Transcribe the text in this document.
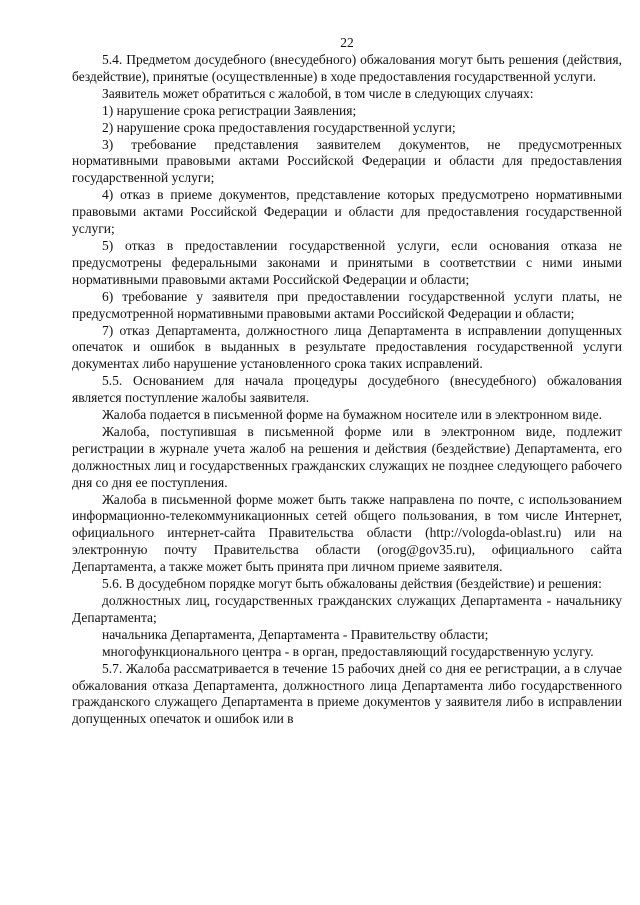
22

5.4. Предметом досудебного (внесудебного) обжалования могут быть решения (действия, бездействие), принятые (осуществленные) в ходе предоставления государственной услуги.

Заявитель может обратиться с жалобой, в том числе в следующих случаях:

1) нарушение срока регистрации Заявления;

2) нарушение срока предоставления государственной услуги;

3) требование представления заявителем документов, не предусмотренных нормативными правовыми актами Российской Федерации и области для предоставления государственной услуги;

4) отказ в приеме документов, представление которых предусмотрено нормативными правовыми актами Российской Федерации и области для предоставления государственной услуги;

5) отказ в предоставлении государственной услуги, если основания отказа не предусмотрены федеральными законами и принятыми в соответствии с ними иными нормативными правовыми актами Российской Федерации и области;

6) требование у заявителя при предоставлении государственной услуги платы, не предусмотренной нормативными правовыми актами Российской Федерации и области;

7) отказ Департамента, должностного лица Департамента в исправлении допущенных опечаток и ошибок в выданных в результате предоставления государственной услуги документах либо нарушение установленного срока таких исправлений.

5.5. Основанием для начала процедуры досудебного (внесудебного) обжалования является поступление жалобы заявителя.

Жалоба подается в письменной форме на бумажном носителе или в электронном виде.

Жалоба, поступившая в письменной форме или в электронном виде, подлежит регистрации в журнале учета жалоб на решения и действия (бездействие) Департамента, его должностных лиц и государственных гражданских служащих не позднее следующего рабочего дня со дня ее поступления.

Жалоба в письменной форме может быть также направлена по почте, с использованием информационно-телекоммуникационных сетей общего пользования, в том числе Интернет, официального интернет-сайта Правительства области (http://vologda-oblast.ru) или на электронную почту Правительства области (orog@gov35.ru), официального сайта Департамента, а также может быть принята при личном приеме заявителя.

5.6. В досудебном порядке могут быть обжалованы действия (бездействие) и решения:

должностных лиц, государственных гражданских служащих Департамента - начальнику Департамента;

начальника Департамента, Департамента - Правительству области;

многофункционального центра - в орган, предоставляющий государственную услугу.

5.7. Жалоба рассматривается в течение 15 рабочих дней со дня ее регистрации, а в случае обжалования отказа Департамента, должностного лица Департамента либо государственного гражданского служащего Департамента в приеме документов у заявителя либо в исправлении допущенных опечаток и ошибок или в
